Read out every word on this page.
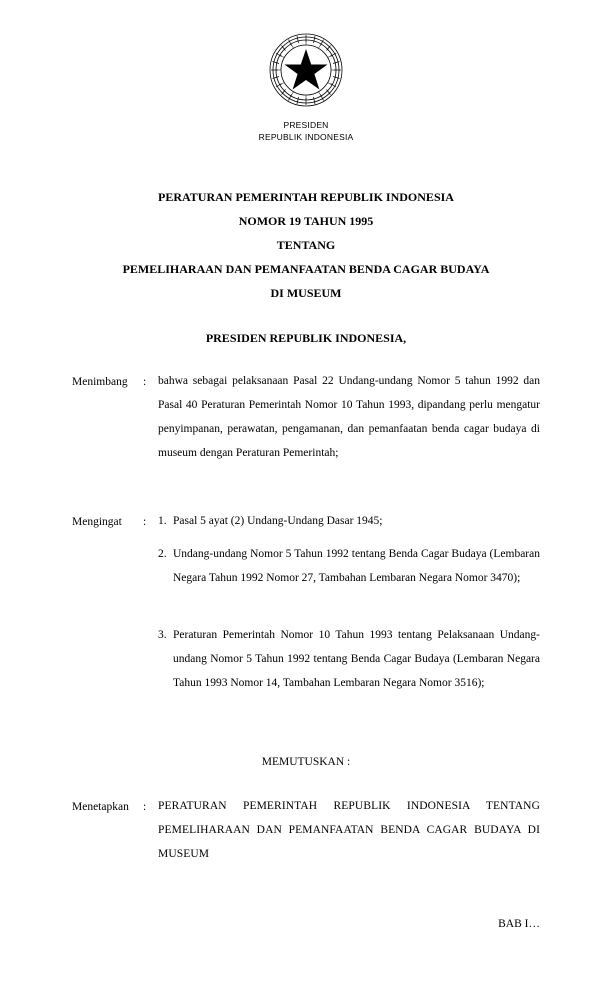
PRESIDEN
REPUBLIK INDONESIA
PERATURAN PEMERINTAH REPUBLIK INDONESIA
NOMOR 19 TAHUN 1995
TENTANG
PEMELIHARAAN DAN PEMANFAATAN BENDA CAGAR BUDAYA
DI MUSEUM
PRESIDEN REPUBLIK INDONESIA,
Menimbang	: bahwa sebagai pelaksanaan Pasal 22 Undang-undang Nomor 5 tahun 1992 dan Pasal 40 Peraturan Pemerintah Nomor 10 Tahun 1993, dipandang perlu mengatur penyimpanan, perawatan, pengamanan, dan pemanfaatan benda cagar budaya di museum dengan Peraturan Pemerintah;
Mengingat	: 1. Pasal 5 ayat (2) Undang-Undang Dasar 1945;
2. Undang-undang Nomor 5 Tahun 1992 tentang Benda Cagar Budaya (Lembaran Negara Tahun 1992 Nomor 27, Tambahan Lembaran Negara Nomor 3470);
3. Peraturan Pemerintah Nomor 10 Tahun 1993 tentang Pelaksanaan Undang-undang Nomor 5 Tahun 1992 tentang Benda Cagar Budaya (Lembaran Negara Tahun 1993 Nomor 14, Tambahan Lembaran Negara Nomor 3516);
MEMUTUSKAN :
Menetapkan	: PERATURAN PEMERINTAH REPUBLIK INDONESIA TENTANG PEMELIHARAAN DAN PEMANFAATAN BENDA CAGAR BUDAYA DI MUSEUM
BAB I…
